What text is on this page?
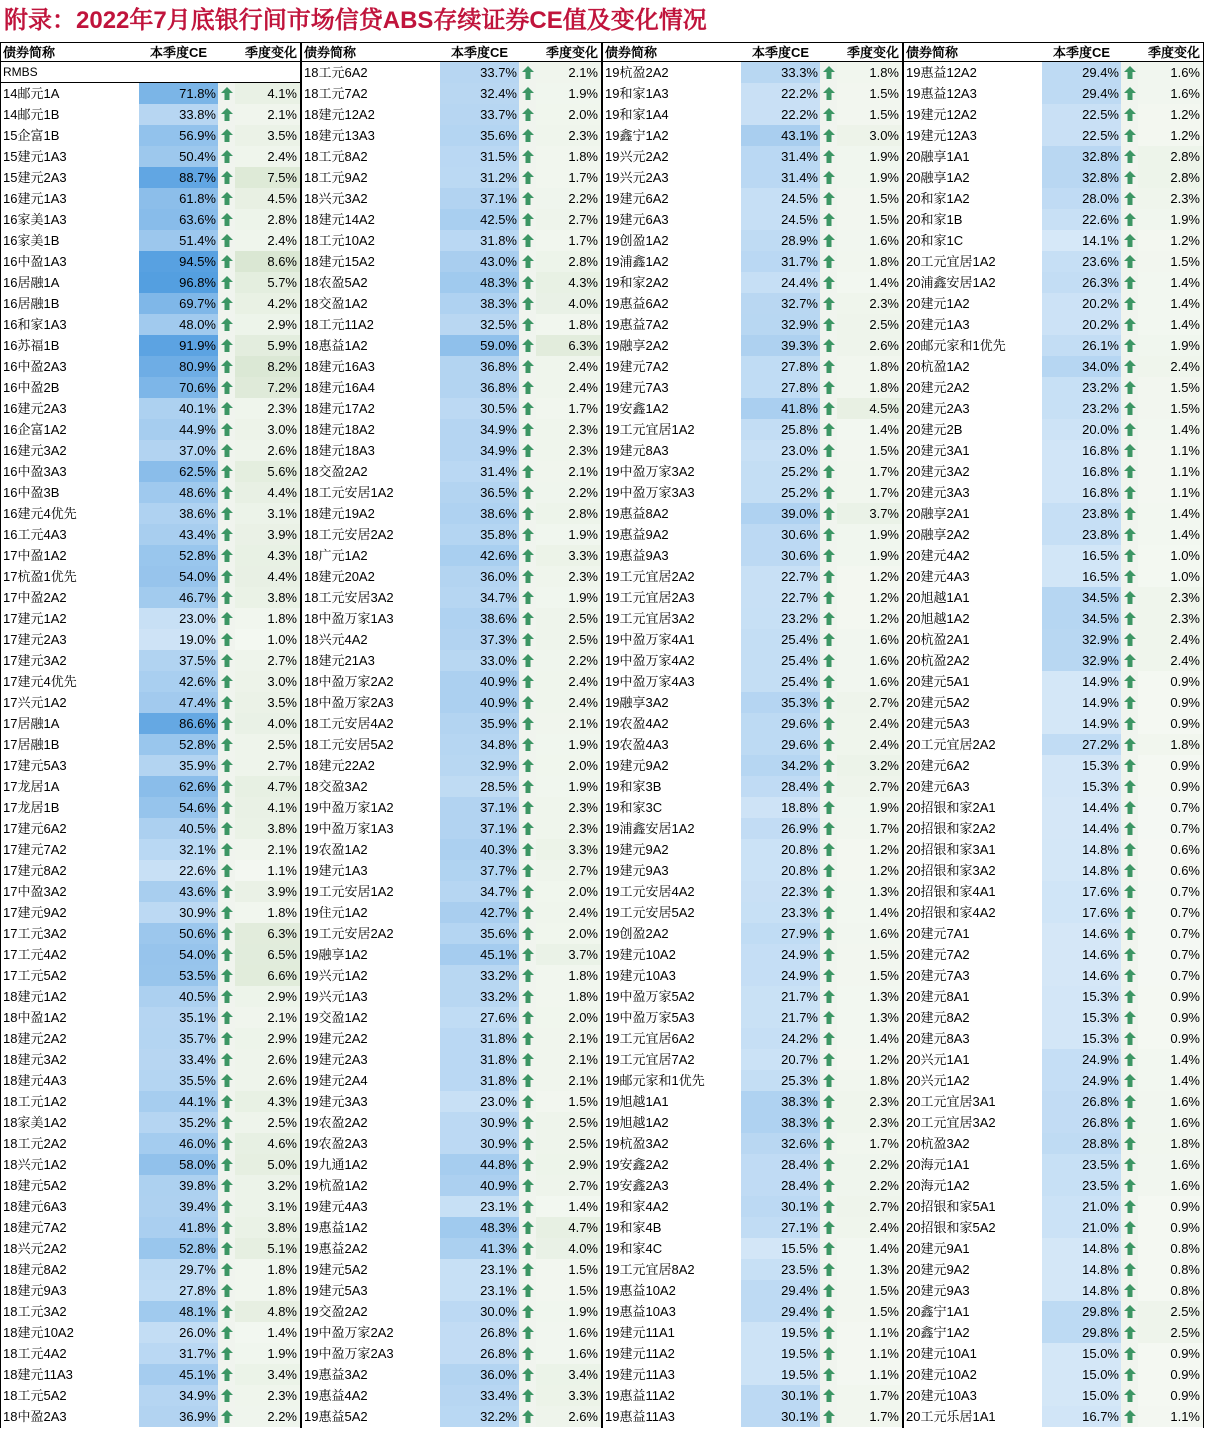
附录：2022年7月底银行间市场信贷ABS存续证券CE值及变化情况
债券简称	本季度CE	季度变化
RMBS
14邮元1A	71.8%	4.1%
14邮元1B	33.8%	2.1%
15企富1B	56.9%	3.5%
15建元1A3	50.4%	2.4%
15建元2A3	88.7%	7.5%
16建元1A3	61.8%	4.5%
16家美1A3	63.6%	2.8%
16家美1B	51.4%	2.4%
16中盈1A3	94.5%	8.6%
16居融1A	96.8%	5.7%
16居融1B	69.7%	4.2%
16和家1A3	48.0%	2.9%
16苏福1B	91.9%	5.9%
16中盈2A3	80.9%	8.2%
16中盈2B	70.6%	7.2%
16建元2A3	40.1%	2.3%
16企富1A2	44.9%	3.0%
16建元3A2	37.0%	2.6%
16中盈3A3	62.5%	5.6%
16中盈3B	48.6%	4.4%
16建元4优先	38.6%	3.1%
16工元4A3	43.4%	3.9%
17中盈1A2	52.8%	4.3%
17杭盈1优先	54.0%	4.4%
17中盈2A2	46.7%	3.8%
17建元1A2	23.0%	1.8%
17建元2A3	19.0%	1.0%
17建元3A2	37.5%	2.7%
17建元4优先	42.6%	3.0%
17兴元1A2	47.4%	3.5%
17居融1A	86.6%	4.0%
17居融1B	52.8%	2.5%
17建元5A3	35.9%	2.7%
17龙居1A	62.6%	4.7%
17龙居1B	54.6%	4.1%
17建元6A2	40.5%	3.8%
17建元7A2	32.1%	2.1%
17建元8A2	22.6%	1.1%
17中盈3A2	43.6%	3.9%
17建元9A2	30.9%	1.8%
17工元3A2	50.6%	6.3%
17工元4A2	54.0%	6.5%
17工元5A2	53.5%	6.6%
18建元1A2	40.5%	2.9%
18中盈1A2	35.1%	2.1%
18建元2A2	35.7%	2.9%
18建元3A2	33.4%	2.6%
18建元4A3	35.5%	2.6%
18工元1A2	44.1%	4.3%
18家美1A2	35.2%	2.5%
18工元2A2	46.0%	4.6%
18兴元1A2	58.0%	5.0%
18建元5A2	39.8%	3.2%
18建元6A3	39.4%	3.1%
18建元7A2	41.8%	3.8%
18兴元2A2	52.8%	5.1%
18建元8A2	29.7%	1.8%
18建元9A3	27.8%	1.8%
18工元3A2	48.1%	4.8%
18建元10A2	26.0%	1.4%
18工元4A2	31.7%	1.9%
18建元11A3	45.1%	3.4%
18工元5A2	34.9%	2.3%
18中盈2A3	36.9%	2.2%
债券简称	本季度CE	季度变化
18工元6A2	33.7%	2.1%
18工元7A2	32.4%	1.9%
18建元12A2	33.7%	2.0%
18建元13A3	35.6%	2.3%
18工元8A2	31.5%	1.8%
18工元9A2	31.2%	1.7%
18兴元3A2	37.1%	2.2%
18建元14A2	42.5%	2.7%
18工元10A2	31.8%	1.7%
18建元15A2	43.0%	2.8%
18农盈5A2	48.3%	4.3%
18交盈1A2	38.3%	4.0%
18工元11A2	32.5%	1.8%
18惠益1A2	59.0%	6.3%
18建元16A3	36.8%	2.4%
18建元16A4	36.8%	2.4%
18建元17A2	30.5%	1.7%
18建元18A2	34.9%	2.3%
18建元18A3	34.9%	2.3%
18交盈2A2	31.4%	2.1%
18工元安居1A2	36.5%	2.2%
18建元19A2	38.6%	2.8%
18工元安居2A2	35.8%	1.9%
18广元1A2	42.6%	3.3%
18建元20A2	36.0%	2.3%
18工元安居3A2	34.7%	1.9%
18中盈万家1A3	38.6%	2.5%
18兴元4A2	37.3%	2.5%
18建元21A3	33.0%	2.2%
18中盈万家2A2	40.9%	2.4%
18中盈万家2A3	40.9%	2.4%
18工元安居4A2	35.9%	2.1%
18工元安居5A2	34.8%	1.9%
18建元22A2	32.9%	2.0%
18交盈3A2	28.5%	1.9%
19中盈万家1A2	37.1%	2.3%
19中盈万家1A3	37.1%	2.3%
19农盈1A2	40.3%	3.3%
19建元1A3	37.7%	2.7%
19工元安居1A2	34.7%	2.0%
19住元1A2	42.7%	2.4%
19工元安居2A2	35.6%	2.0%
19融享1A2	45.1%	3.7%
19兴元1A2	33.2%	1.8%
19兴元1A3	33.2%	1.8%
19交盈1A2	27.6%	2.0%
19建元2A2	31.8%	2.1%
19建元2A3	31.8%	2.1%
19建元2A4	31.8%	2.1%
19建元3A3	23.0%	1.5%
19农盈2A2	30.9%	2.5%
19农盈2A3	30.9%	2.5%
19九通1A2	44.8%	2.9%
19杭盈1A2	40.9%	2.7%
19建元4A3	23.1%	1.4%
19惠益1A2	48.3%	4.7%
19惠益2A2	41.3%	4.0%
19建元5A2	23.1%	1.5%
19建元5A3	23.1%	1.5%
19交盈2A2	30.0%	1.9%
19中盈万家2A2	26.8%	1.6%
19中盈万家2A3	26.8%	1.6%
19惠益3A2	36.0%	3.4%
19惠益4A2	33.4%	3.3%
19惠益5A2	32.2%	2.6%
债券简称	本季度CE	季度变化
19杭盈2A2	33.3%	1.8%
19和家1A3	22.2%	1.5%
19和家1A4	22.2%	1.5%
19鑫宁1A2	43.1%	3.0%
19兴元2A2	31.4%	1.9%
19兴元2A3	31.4%	1.9%
19建元6A2	24.5%	1.5%
19建元6A3	24.5%	1.5%
19创盈1A2	28.9%	1.6%
19浦鑫1A2	31.7%	1.8%
19和家2A2	24.4%	1.4%
19惠益6A2	32.7%	2.3%
19惠益7A2	32.9%	2.5%
19融享2A2	39.3%	2.6%
19建元7A2	27.8%	1.8%
19建元7A3	27.8%	1.8%
19安鑫1A2	41.8%	4.5%
19工元宜居1A2	25.8%	1.4%
19建元8A3	23.0%	1.5%
19中盈万家3A2	25.2%	1.7%
19中盈万家3A3	25.2%	1.7%
19惠益8A2	39.0%	3.7%
19惠益9A2	30.6%	1.9%
19惠益9A3	30.6%	1.9%
19工元宜居2A2	22.7%	1.2%
19工元宜居2A3	22.7%	1.2%
19工元宜居3A2	23.2%	1.2%
19中盈万家4A1	25.4%	1.6%
19中盈万家4A2	25.4%	1.6%
19中盈万家4A3	25.4%	1.6%
19融享3A2	35.3%	2.7%
19农盈4A2	29.6%	2.4%
19农盈4A3	29.6%	2.4%
19建元9A2	34.2%	3.2%
19和家3B	28.4%	2.7%
19和家3C	18.8%	1.9%
19浦鑫安居1A2	26.9%	1.7%
19建元9A2	20.8%	1.2%
19建元9A3	20.8%	1.2%
19工元安居4A2	22.3%	1.3%
19工元安居5A2	23.3%	1.4%
19创盈2A2	27.9%	1.6%
19建元10A2	24.9%	1.5%
19建元10A3	24.9%	1.5%
19中盈万家5A2	21.7%	1.3%
19中盈万家5A3	21.7%	1.3%
19工元宜居6A2	24.2%	1.4%
19工元宜居7A2	20.7%	1.2%
19邮元家和1优先	25.3%	1.8%
19旭越1A1	38.3%	2.3%
19旭越1A2	38.3%	2.3%
19杭盈3A2	32.6%	1.7%
19安鑫2A2	28.4%	2.2%
19安鑫2A3	28.4%	2.2%
19和家4A2	30.1%	2.7%
19和家4B	27.1%	2.4%
19和家4C	15.5%	1.4%
19工元宜居8A2	23.5%	1.3%
19惠益10A2	29.4%	1.5%
19惠益10A3	29.4%	1.5%
19建元11A1	19.5%	1.1%
19建元11A2	19.5%	1.1%
19建元11A3	19.5%	1.1%
19惠益11A2	30.1%	1.7%
19惠益11A3	30.1%	1.7%
债券简称	本季度CE	季度变化
19惠益12A2	29.4%	1.6%
19惠益12A3	29.4%	1.6%
19建元12A2	22.5%	1.2%
19建元12A3	22.5%	1.2%
20融享1A1	32.8%	2.8%
20融享1A2	32.8%	2.8%
20和家1A2	28.0%	2.3%
20和家1B	22.6%	1.9%
20和家1C	14.1%	1.2%
20工元宜居1A2	23.6%	1.5%
20浦鑫安居1A2	26.3%	1.4%
20建元1A2	20.2%	1.4%
20建元1A3	20.2%	1.4%
20邮元家和1优先	26.1%	1.9%
20杭盈1A2	34.0%	2.4%
20建元2A2	23.2%	1.5%
20建元2A3	23.2%	1.5%
20建元2B	20.0%	1.4%
20建元3A1	16.8%	1.1%
20建元3A2	16.8%	1.1%
20建元3A3	16.8%	1.1%
20融享2A1	23.8%	1.4%
20融享2A2	23.8%	1.4%
20建元4A2	16.5%	1.0%
20建元4A3	16.5%	1.0%
20旭越1A1	34.5%	2.3%
20旭越1A2	34.5%	2.3%
20杭盈2A1	32.9%	2.4%
20杭盈2A2	32.9%	2.4%
20建元5A1	14.9%	0.9%
20建元5A2	14.9%	0.9%
20建元5A3	14.9%	0.9%
20工元宜居2A2	27.2%	1.8%
20建元6A2	15.3%	0.9%
20建元6A3	15.3%	0.9%
20招银和家2A1	14.4%	0.7%
20招银和家2A2	14.4%	0.7%
20招银和家3A1	14.8%	0.6%
20招银和家3A2	14.8%	0.6%
20招银和家4A1	17.6%	0.7%
20招银和家4A2	17.6%	0.7%
20建元7A1	14.6%	0.7%
20建元7A2	14.6%	0.7%
20建元7A3	14.6%	0.7%
20建元8A1	15.3%	0.9%
20建元8A2	15.3%	0.9%
20建元8A3	15.3%	0.9%
20兴元1A1	24.9%	1.4%
20兴元1A2	24.9%	1.4%
20工元宜居3A1	26.8%	1.6%
20工元宜居3A2	26.8%	1.6%
20杭盈3A2	28.8%	1.8%
20海元1A1	23.5%	1.6%
20海元1A2	23.5%	1.6%
20招银和家5A1	21.0%	0.9%
20招银和家5A2	21.0%	0.9%
20建元9A1	14.8%	0.8%
20建元9A2	14.8%	0.8%
20建元9A3	14.8%	0.8%
20鑫宁1A1	29.8%	2.5%
20鑫宁1A2	29.8%	2.5%
20建元10A1	15.0%	0.9%
20建元10A2	15.0%	0.9%
20建元10A3	15.0%	0.9%
20工元乐居1A1	16.7%	1.1%
